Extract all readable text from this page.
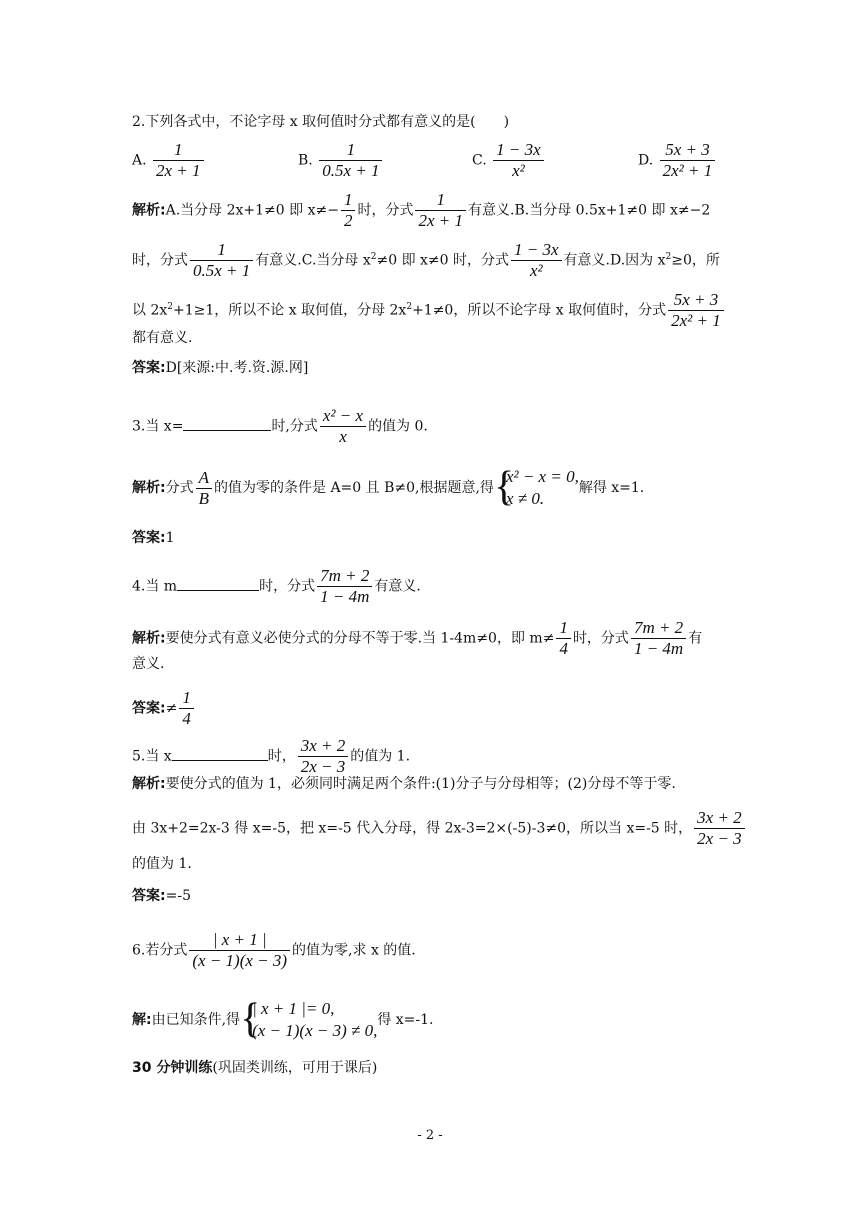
2.下列各式中，不论字母 x 取何值时分式都有意义的是(　　)
A. $\frac{1}{2x + 1}$	B. $\frac{1}{0.5x + 1}$	C. $\frac{1 - 3x}{\text{x²}}$	D. $\frac{5x + 3}{\text{2x² + 1}}$
解析:A.当分母 2x+1≠0 即 $x\ne- \frac{1}{2}$ 时，分式 $\frac{1}{2x + 1}$ 有意义.B.当分母 0.5x+1≠0 即 x≠−2
时，分式 $\frac{1}{0.5x + 1}$ 有意义.C.当分母 $x^2\ne 0$ 即 x≠0 时，分式 $\frac{1 - 3x}{\text{x²}}$ 有意义.D.因为 $x^2\ge 0$，所
以 $2x^2+1\ge 1$，所以不论 x 取何值，分母 $2x^2+1\ne 0$，所以不论字母 x 取何值时，分式 $\frac{5x + 3}{\text{2x² + 1}}$
都有意义.
答案:D[来源:中.考.资.源.网]
3.当 x=	时,分式 $\frac{\text{x² − x}}{x}$ 的值为 0.
解析:分式 $\frac{A}{B}$ 的值为零的条件是 A=0 且 B≠0,根据题意,得 {
x² − x = 0,
x ≠ 0.
解得 x=1.
答案:1
4.当 m	时，分式 $\frac{7m + 2}{1 - 4m}$ 有意义.
解析:要使分式有意义必使分式的分母不等于零.当 1-4m≠0，即 $m\ne \frac{1}{4}$ 时，分式 $\frac{7m + 2}{1 - 4m}$ 有
意义.
答案:≠ $\frac{1}{4}$
5.当 x	时， $\frac{3x + 2}{2x - 3}$ 的值为 1.
解析:要使分式的值为 1，必须同时满足两个条件:(1)分子与分母相等；(2)分母不等于零.
由 3x+2=2x-3 得 x=-5，把 x=-5 代入分母，得 2x-3=2×(-5)-3≠0，所以当 x=-5 时， $\frac{3x + 2}{2x - 3}$
的值为 1.
答案:=-5
6.若分式 $\frac{| x + 1 |}{(x - 1)(x - 3)}$ 的值为零,求 x 的值.
解:由已知条件,得 {
| x + 1 |= 0,
(x − 1)(x − 3) ≠ 0,
得 x=-1.
30 分钟训练(巩固类训练，可用于课后)
- 2 -
